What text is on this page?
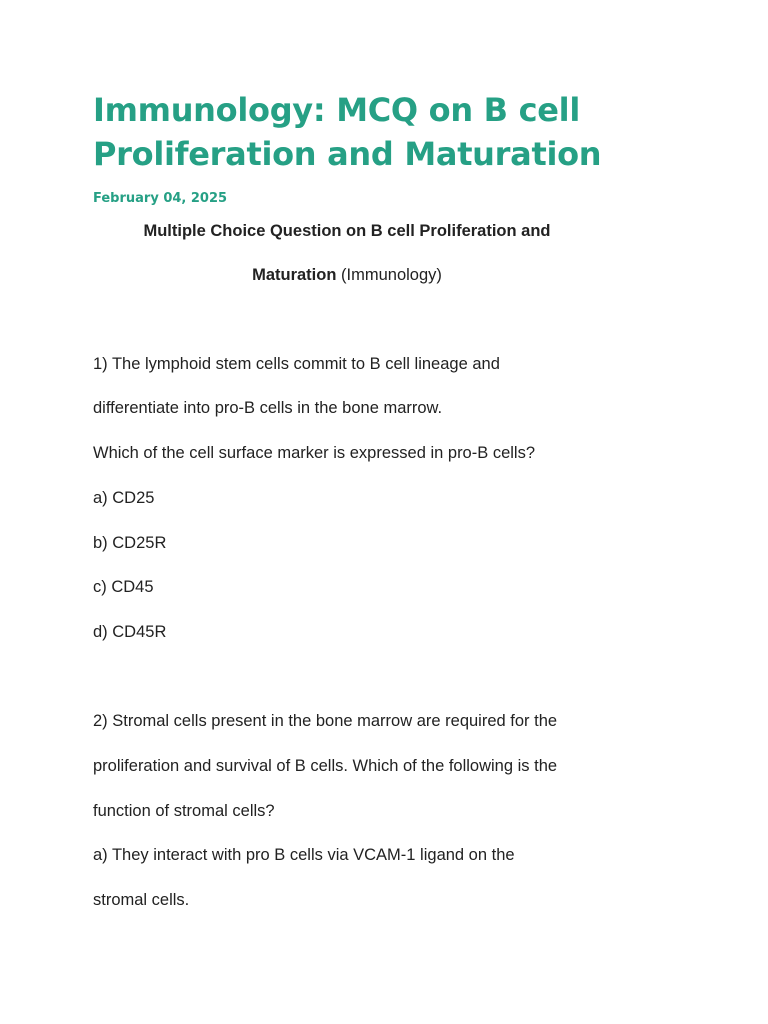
Immunology: MCQ on B cell
Proliferation and Maturation
February 04, 2025
Multiple Choice Question on B cell Proliferation and
Maturation (Immunology)
1) The lymphoid stem cells commit to B cell lineage and
differentiate into pro-B cells in the bone marrow.
Which of the cell surface marker is expressed in pro-B cells?
a) CD25
b) CD25R
c) CD45
d) CD45R
2) Stromal cells present in the bone marrow are required for the
proliferation and survival of B cells. Which of the following is the
function of stromal cells?
a) They interact with pro B cells via VCAM-1 ligand on the
stromal cells.
